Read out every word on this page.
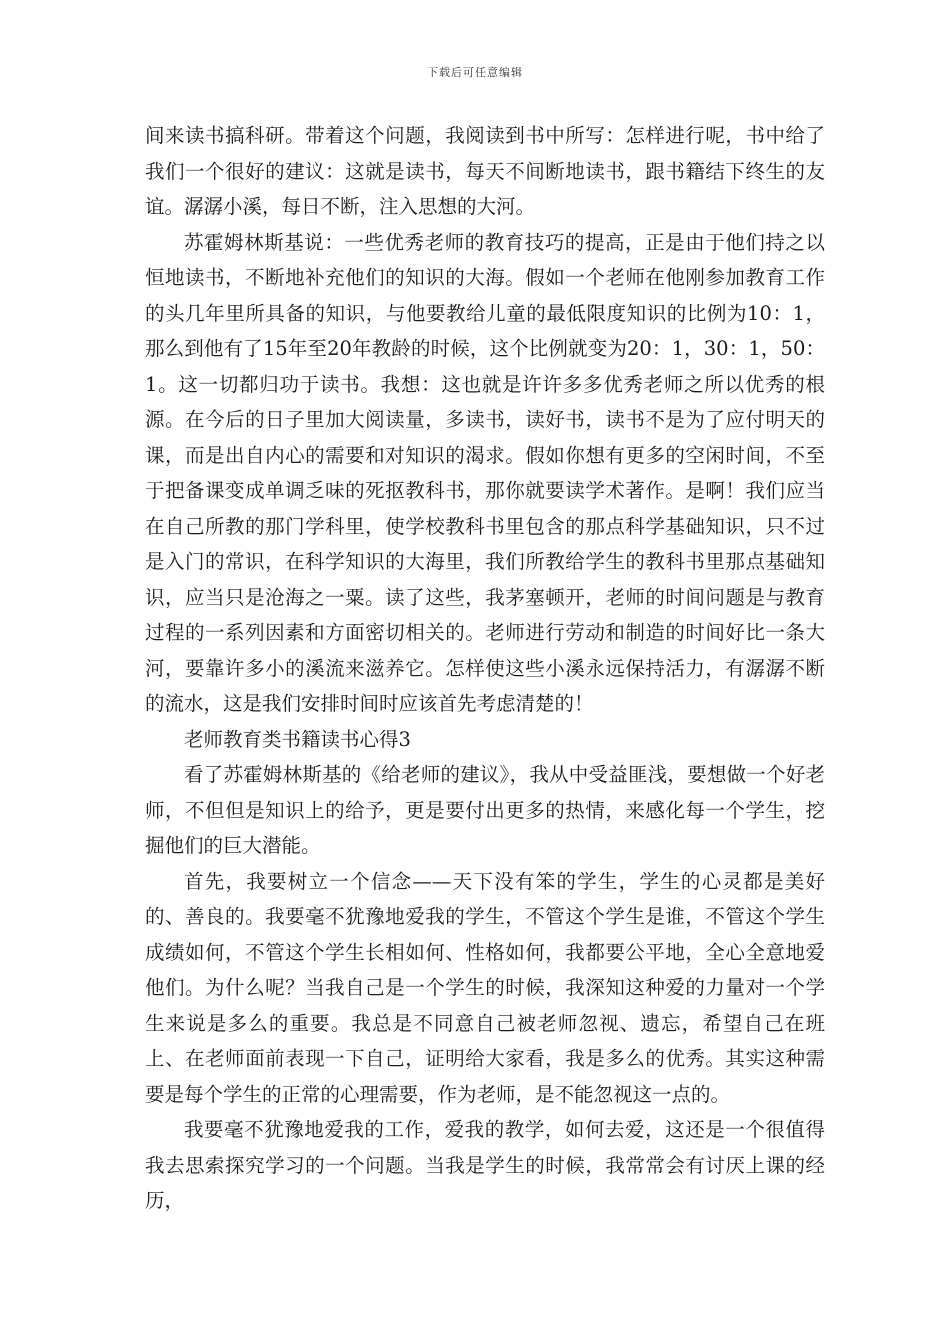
下载后可任意编辑

间来读书搞科研。带着这个问题，我阅读到书中所写：怎样进行呢，书中给了我们一个很好的建议：这就是读书，每天不间断地读书，跟书籍结下终生的友谊。潺潺小溪，每日不断，注入思想的大河。

苏霍姆林斯基说：一些优秀老师的教育技巧的提高，正是由于他们持之以恒地读书，不断地补充他们的知识的大海。假如一个老师在他刚参加教育工作的头几年里所具备的知识，与他要教给儿童的最低限度知识的比例为10：1，那么到他有了15年至20年教龄的时候，这个比例就变为20：1，30：1，50：1。这一切都归功于读书。我想：这也就是许许多多优秀老师之所以优秀的根源。在今后的日子里加大阅读量，多读书，读好书，读书不是为了应付明天的课，而是出自内心的需要和对知识的渴求。假如你想有更多的空闲时间，不至于把备课变成单调乏味的死抠教科书，那你就要读学术著作。是啊！我们应当在自己所教的那门学科里，使学校教科书里包含的那点科学基础知识，只不过是入门的常识，在科学知识的大海里，我们所教给学生的教科书里那点基础知识，应当只是沧海之一粟。读了这些，我茅塞顿开，老师的时间问题是与教育过程的一系列因素和方面密切相关的。老师进行劳动和制造的时间好比一条大河，要靠许多小的溪流来滋养它。怎样使这些小溪永远保持活力，有潺潺不断的流水，这是我们安排时间时应该首先考虑清楚的！

老师教育类书籍读书心得3

看了苏霍姆林斯基的《给老师的建议》，我从中受益匪浅，要想做一个好老师，不但但是知识上的给予，更是要付出更多的热情，来感化每一个学生，挖掘他们的巨大潜能。

首先，我要树立一个信念——天下没有笨的学生，学生的心灵都是美好的、善良的。我要毫不犹豫地爱我的学生，不管这个学生是谁，不管这个学生成绩如何，不管这个学生长相如何、性格如何，我都要公平地，全心全意地爱他们。为什么呢？当我自己是一个学生的时候，我深知这种爱的力量对一个学生来说是多么的重要。我总是不同意自己被老师忽视、遗忘，希望自己在班上、在老师面前表现一下自己，证明给大家看，我是多么的优秀。其实这种需要是每个学生的正常的心理需要，作为老师，是不能忽视这一点的。

我要毫不犹豫地爱我的工作，爱我的教学，如何去爱，这还是一个很值得我去思索探究学习的一个问题。当我是学生的时候，我常常会有讨厌上课的经历，
